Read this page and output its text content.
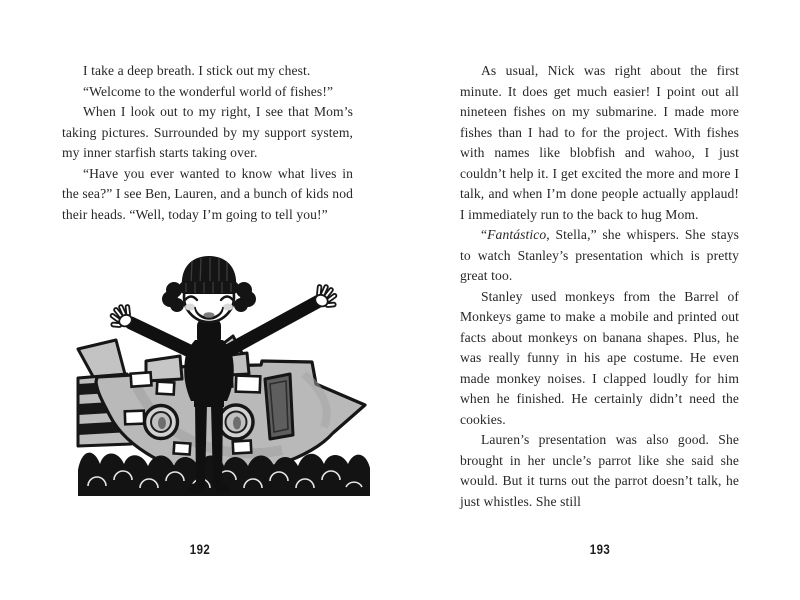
I take a deep breath. I stick out my chest.

“Welcome to the wonderful world of fishes!”

When I look out to my right, I see that Mom’s taking pictures. Surrounded by my support system, my inner starfish starts taking over.

“Have you ever wanted to know what lives in the sea?” I see Ben, Lauren, and a bunch of kids nod their heads. “Well, today I’m going to tell you!”

192

As usual, Nick was right about the first minute. It does get much easier! I point out all nineteen fishes on my submarine. I made more fishes than I had to for the project. With fishes with names like blobfish and wahoo, I just couldn’t help it. I get excited the more and more I talk, and when I’m done people actually applaud! I immediately run to the back to hug Mom.

“Fantástico, Stella,” she whispers. She stays to watch Stanley’s presentation which is pretty great too.

Stanley used monkeys from the Barrel of Monkeys game to make a mobile and printed out facts about monkeys on banana shapes. Plus, he was really funny in his ape costume. He even made monkey noises. I clapped loudly for him when he finished. He certainly didn’t need the cookies.

Lauren’s presentation was also good. She brought in her uncle’s parrot like she said she would. But it turns out the parrot doesn’t talk, he just whistles. She still

193
